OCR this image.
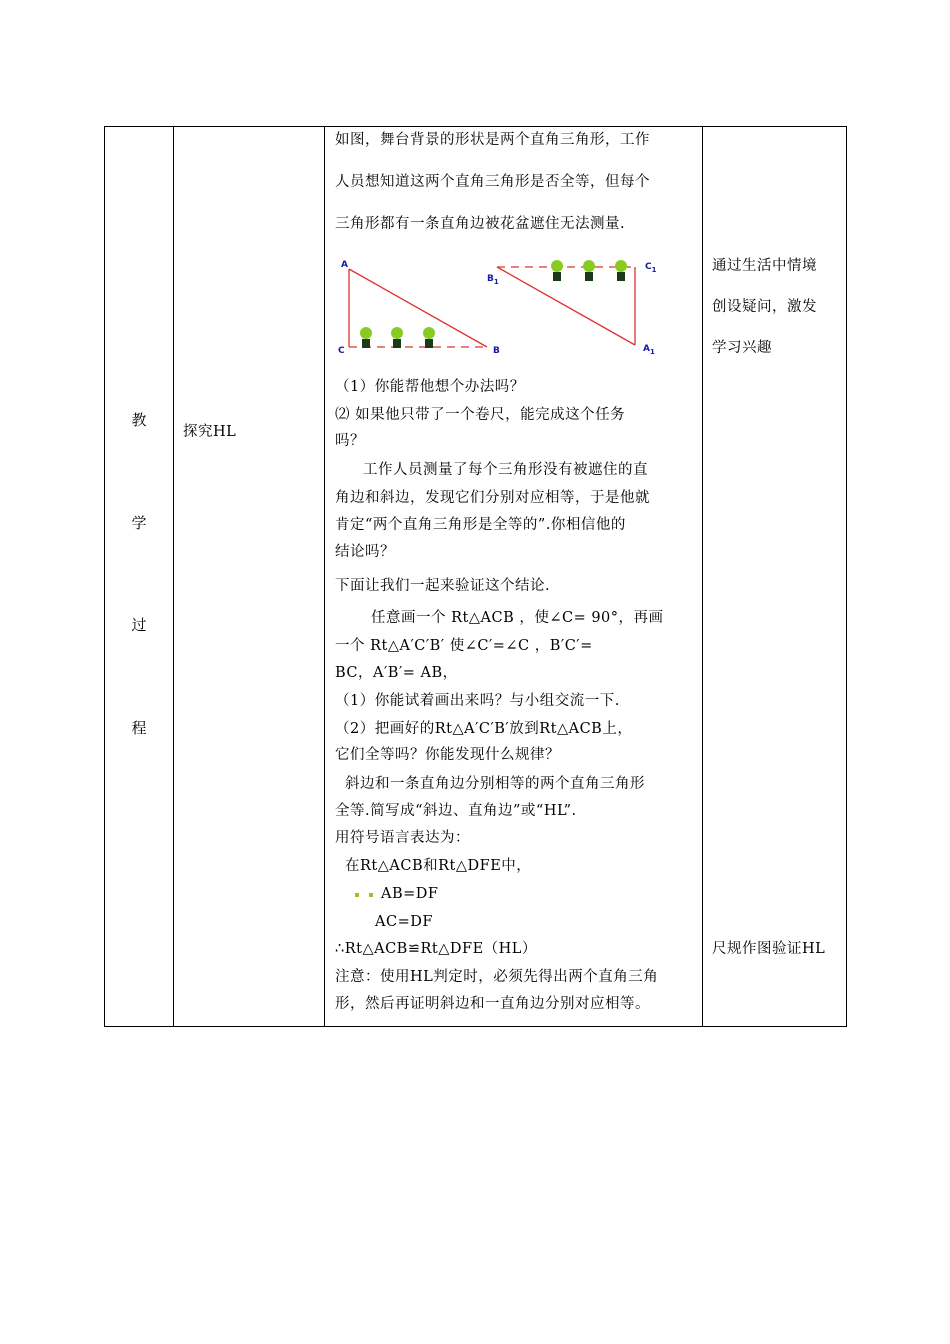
教
学
过
程
探究HL
如图，舞台背景的形状是两个直角三角形，工作
人员想知道这两个直角三角形是否全等，但每个
三角形都有一条直角边被花盆遮住无法测量.
A
C	B
$B_1$
$C_1$
$A_1$
（1）你能帮他想个办法吗？
⑵ 如果他只带了一个卷尺，能完成这个任务
吗？
工作人员测量了每个三角形没有被遮住的直
角边和斜边，发现它们分别对应相等，于是他就
肯定“两个直角三角形是全等的”.你相信他的
结论吗？
下面让我们一起来验证这个结论.
任意画一个 Rt△ACB ，使∠C= 90°，再画
一个 Rt△A′C′B′ 使∠C′=∠C ，B′C′=
BC，A′B′= AB，
（1）你能试着画出来吗？与小组交流一下.
（2）把画好的Rt△A′C′B′放到Rt△ACB上，
它们全等吗？你能发现什么规律？
斜边和一条直角边分别相等的两个直角三角形
全等.简写成“斜边、直角边”或“HL”.
用符号语言表达为：
在Rt△ACB和Rt△DFE中，
AB=DF
AC=DF
∴Rt△ACB≌Rt△DFE（HL）
注意：使用HL判定时，必须先得出两个直角三角
形，然后再证明斜边和一直角边分别对应相等。
通过生活中情境
创设疑问，激发
学习兴趣
尺规作图验证HL
